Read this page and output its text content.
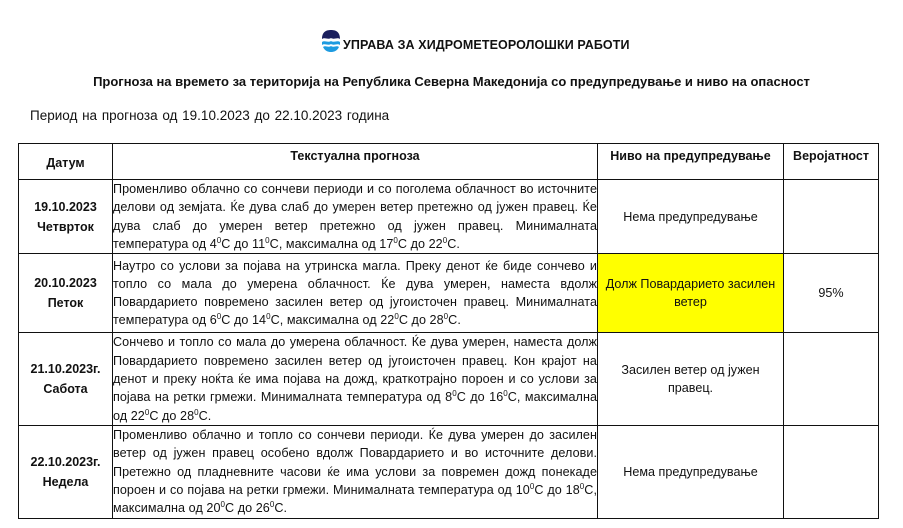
УПРАВА ЗА ХИДРОМЕТЕОРОЛОШКИ РАБОТИ
Прогноза на времето за територија на Република Северна Македонија со предупредување и ниво на опасност
Период на прогноза од 19.10.2023 до 22.10.2023 година
Датум	Текстуална прогноза	Ниво на предупредување	Веројатност

19.10.2023
Четврток	Променливо облачно со сончеви периоди и со поголема облачност во источните делови од земјата. Ќе дува слаб до умерен ветер претежно од јужен правец. Ќе дува слаб до умерен ветер претежно од јужен правец. Минималната температура од $4^0C$ до $11^0C$, максимална од $17^0C$ до $22^0C$.	Нема предупредување	

20.10.2023
Петок	Наутро со услови за појава на утринска магла. Преку денот ќе биде сончево и топло со мала до умерена облачност. Ќе дува умерен, наместа вдолж Повардарието повремено засилен ветер од југоисточен правец. Минималната температура од $6^0C$ до $14^0C$, максимална од $22^0C$ до $28^0C$.	Долж Повардарието засилен ветер	95%

21.10.2023г.
Сабота	Сончево и топло со мала до умерена облачност. Ќе дува умерен, наместа долж Повардарието повремено засилен ветер од југоисточен правец. Кон крајот на денот и преку ноќта ќе има појава на дожд, краткотрајно пороен и со услови за појава на ретки грмежи. Минималната температура од $8^0C$ до $16^0C$, максимална од $22^0C$ до $28^0C$.	Засилен ветер од јужен правец.	

22.10.2023г.
Недела	Променливо облачно и топло со сончеви периоди. Ќе дува умерен до засилен ветер од јужен правец особено вдолж Повардарието и во источните делови. Претежно од пладневните часови ќе има услови за повремен дожд понекаде пороен и со појава на ретки грмежи. Минималната температура од $10^0C$ до $18^0C$, максимална од $20^0C$ до $26^0C$.	Нема предупредување	
